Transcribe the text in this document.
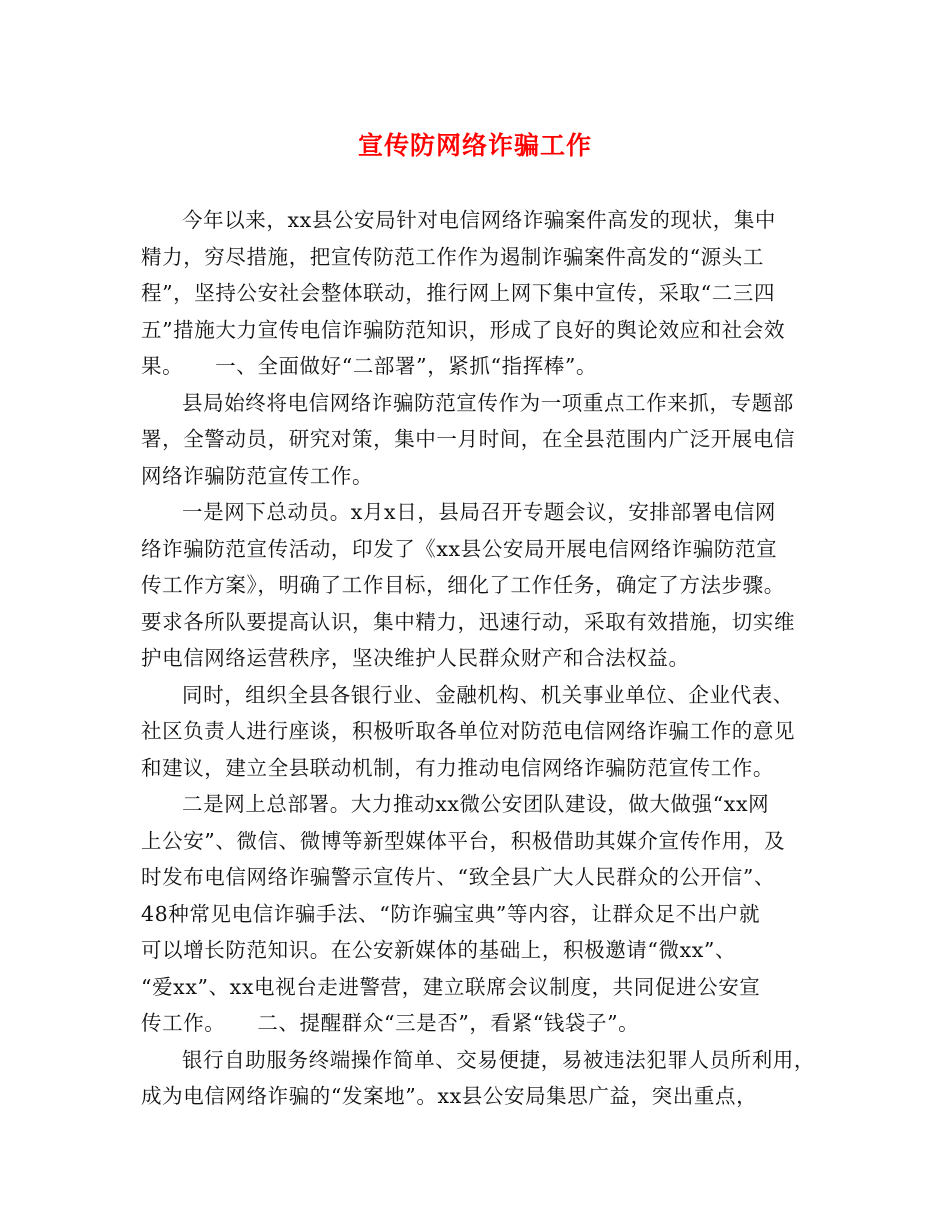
宣传防网络诈骗工作
今年以来，xx县公安局针对电信网络诈骗案件高发的现状，集中
精力，穷尽措施，把宣传防范工作作为遏制诈骗案件高发的“源头工
程”，坚持公安社会整体联动，推行网上网下集中宣传，采取“二三四
五”措施大力宣传电信诈骗防范知识，形成了良好的舆论效应和社会效
果。　　一、全面做好“二部署”，紧抓“指挥棒”。
县局始终将电信网络诈骗防范宣传作为一项重点工作来抓，专题部
署，全警动员，研究对策，集中一月时间，在全县范围内广泛开展电信
网络诈骗防范宣传工作。
一是网下总动员。x月x日，县局召开专题会议，安排部署电信网
络诈骗防范宣传活动，印发了《xx县公安局开展电信网络诈骗防范宣
传工作方案》，明确了工作目标，细化了工作任务，确定了方法步骤。
要求各所队要提高认识，集中精力，迅速行动，采取有效措施，切实维
护电信网络运营秩序，坚决维护人民群众财产和合法权益。
同时，组织全县各银行业、金融机构、机关事业单位、企业代表、
社区负责人进行座谈，积极听取各单位对防范电信网络诈骗工作的意见
和建议，建立全县联动机制，有力推动电信网络诈骗防范宣传工作。
二是网上总部署。大力推动xx微公安团队建设，做大做强“xx网
上公安”、微信、微博等新型媒体平台，积极借助其媒介宣传作用，及
时发布电信网络诈骗警示宣传片、“致全县广大人民群众的公开信”、
48种常见电信诈骗手法、“防诈骗宝典”等内容，让群众足不出户就
可以增长防范知识。在公安新媒体的基础上，积极邀请“微xx”、
“爱xx”、xx电视台走进警营，建立联席会议制度，共同促进公安宣
传工作。　　二、提醒群众“三是否”，看紧“钱袋子”。
银行自助服务终端操作简单、交易便捷，易被违法犯罪人员所利用，
成为电信网络诈骗的“发案地”。xx县公安局集思广益，突出重点，
